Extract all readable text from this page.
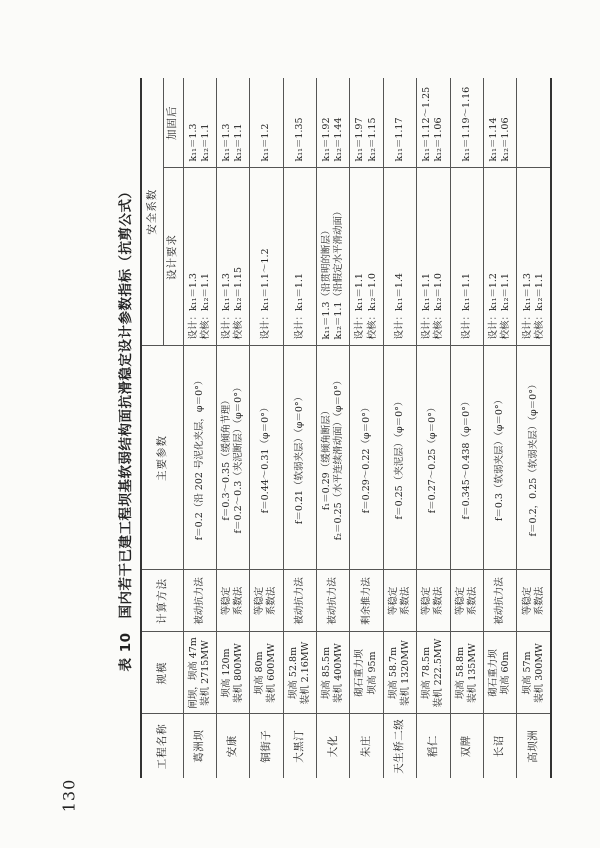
130
表 10国内若干已建工程坝基软弱结构面抗滑稳定设计参数指标（抗剪公式）
工程名称	规模	计算方法	主要参数	安全系数	
				设计要求	加固后
葛洲坝	闸坝，坝高 47m
装机 2715MW	被动抗力法	f＝0.2（沿 202 号泥化夹层，φ＝0°）	设计：k₁₁＝1.3
校核：k₁₂＝1.1	k₁₁＝1.3
k₁₂＝1.1
安康	坝高 120m
装机 800MW	等稳定
系数法	f＝0.3～0.35（缓倾角节理）
f＝0.2～0.3（夹泥断层）（φ＝0°）	设计：k₁₁＝1.3
校核：k₁₂＝1.15	k₁₁＝1.3
k₁₂＝1.1
铜街子	坝高 80m
装机 600MW	等稳定
系数法	f＝0.44～0.31（φ＝0°）	设计：k₁₁＝1.1～1.2	k₁₁＝1.2
大黑汀	坝高 52.8m
装机 2.16MW	被动抗力法	f＝0.21（软弱夹层）（φ＝0°）	设计：k₁₁＝1.1	k₁₁＝1.35
大化	坝高 85.5m
装机 400MW	被动抗力法	f₁＝0.29（缓倾角断层）
f₂＝0.25（水平连续滑动面）（φ＝0°）	k₁₁＝1.3（沿贯明的断层）
k₁₂＝1.1（沿假定水平滑动面）	k₁₁＝1.92
k₁₂＝1.44
朱庄	砌石重力坝
坝高 95m	剩余推力法	f＝0.29～0.22（φ＝0°）	设计：k₁₁＝1.1
校核：k₁₂＝1.0	k₁₁＝1.97
k₁₂＝1.15
天生桥二级	坝高 58.7m
装机 1320MW	等稳定
系数法	f＝0.25（夹泥层）（φ＝0°）	设计：k₁₁＝1.4	k₁₁＝1.17
稻仁	坝高 78.5m
装机 222.5MW	等稳定
系数法	f＝0.27～0.25（φ＝0°）	设计：k₁₁＝1.1
校核：k₁₂＝1.0	k₁₁＝1.12～1.25
k₁₂＝1.06
双牌	坝高 58.8m
装机 135MW	等稳定
系数法	f＝0.345～0.438（φ＝0°）	设计：k₁₁＝1.1	k₁₁＝1.19～1.16
长诏	砌石重力坝
坝高 60m	被动抗力法	f＝0.3（软弱夹层）（φ＝0°）	设计：k₁₁＝1.2
校核：k₁₂＝1.1	k₁₁＝1.14
k₁₂＝1.06
高坝洲	坝高 57m
装机 300MW	等稳定
系数法	f＝0.2，0.25（软弱夹层）（φ＝0°）	设计：k₁₁＝1.3
校核：k₁₂＝1.1	
